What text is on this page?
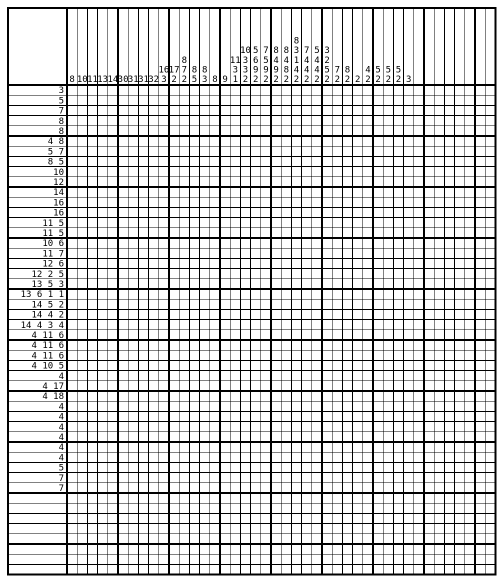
8 10 11 13 14 30 31 31 32
16
3
17
2
8
7
2
8
5
8
3 8 9
11
3
1
10
3
3
2
5
6
9
2
7
5
9
2
8
4
9
2
8
4
8
2
8
3
1
4
2
7
4
4
2
5
4
4
2
3
2
5
2
7
2
8
2 2
4
2
5
2
5
2
5
2 3
3
5
7
8
8
4 8
5 7
8 5
10
12
14
16
16
11 5
11 5
10 6
11 7
12 6
12 2 5
13 5 3
13 6 1 1
14 5 2
14 4 2
14 4 3 4
4 11 6
4 11 6
4 11 6
4 10 5
4
4 17
4 18
4
4
4
4
4
4
5
7
7
